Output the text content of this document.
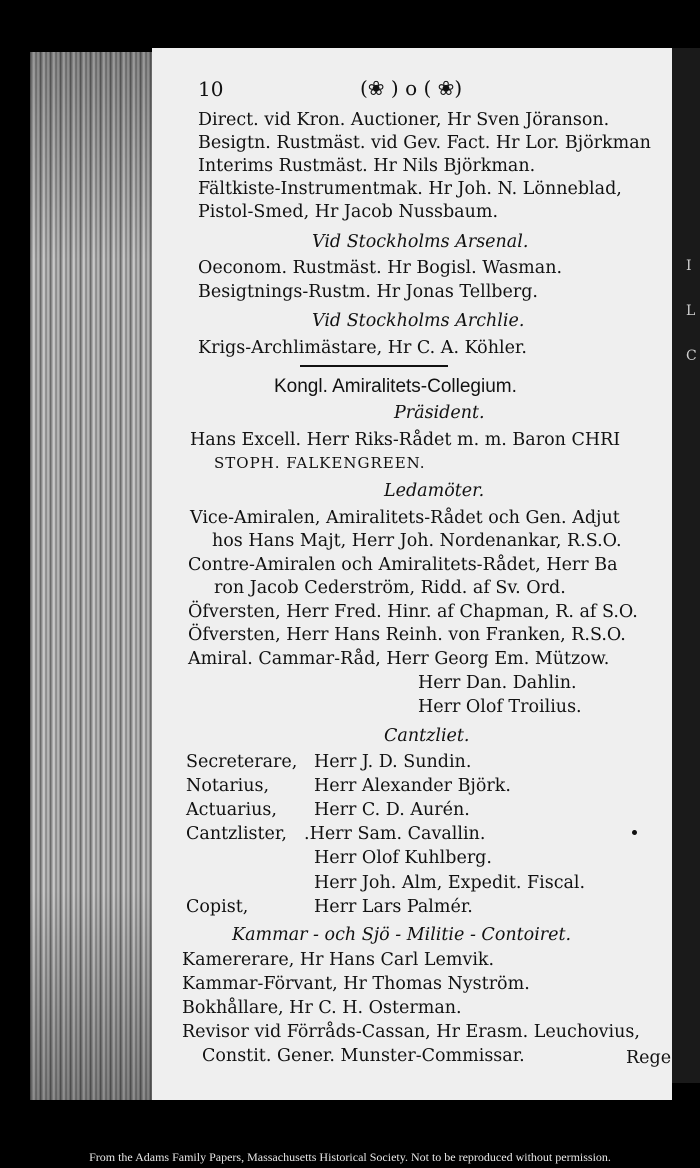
I
L
C
10	(❀ ) o ( ❀)
Direct. vid Kron. Auctioner, Hr Sven Jöranson.
Besigtn. Rustmäst. vid Gev. Fact. Hr Lor. Björkman
Interims Rustmäst. Hr Nils Björkman.
Fältkiste-Instrumentmak. Hr Joh. N. Lönneblad,
Pistol-Smed, Hr Jacob Nussbaum.
Vid Stockholms Arsenal.
Oeconom. Rustmäst. Hr Bogisl. Wasman.
Besigtnings-Rustm. Hr Jonas Tellberg.
Vid Stockholms Archlie.
Krigs-Archlimästare, Hr C. A. Köhler.
Kongl. Amiralitets-Collegium.
Präsident.
Hans Excell. Herr Riks-Rådet m. m. Baron CHRI
STOPH. FALKENGREEN.
Ledamöter.
Vice-Amiralen, Amiralitets-Rådet och Gen. Adjut
hos Hans Majt, Herr Joh. Nordenankar, R.S.O.
Contre-Amiralen och Amiralitets-Rådet, Herr Ba
ron Jacob Cederström, Ridd. af Sv. Ord.
Öfversten, Herr Fred. Hinr. af Chapman, R. af S.O.
Öfversten, Herr Hans Reinh. von Franken, R.S.O.
Amiral. Cammar-Råd, Herr Georg Em. Mützow.
Herr Dan. Dahlin.
Herr Olof Troilius.
Cantzliet.
Secreterare, Herr J. D. Sundin.
Notarius,	Herr Alexander Björk.
Actuarius, Herr C. D. Aurén.
Cantzlister, .Herr Sam. Cavallin.
Herr Olof Kuhlberg.
Herr Joh. Alm, Expedit. Fiscal.
Copist,	Herr Lars Palmér.
Kammar - och Sjö - Militie - Contoiret.
Kamererare, Hr Hans Carl Lemvik.
Kammar-Förvant, Hr Thomas Nyström.
Bokhållare, Hr C. H. Osterman.
Revisor vid Förråds-Cassan, Hr Erasm. Leuchovius,
Constit. Gener. Munster-Commissar.	Rege
From the Adams Family Papers, Massachusetts Historical Society. Not to be reproduced without permission.
